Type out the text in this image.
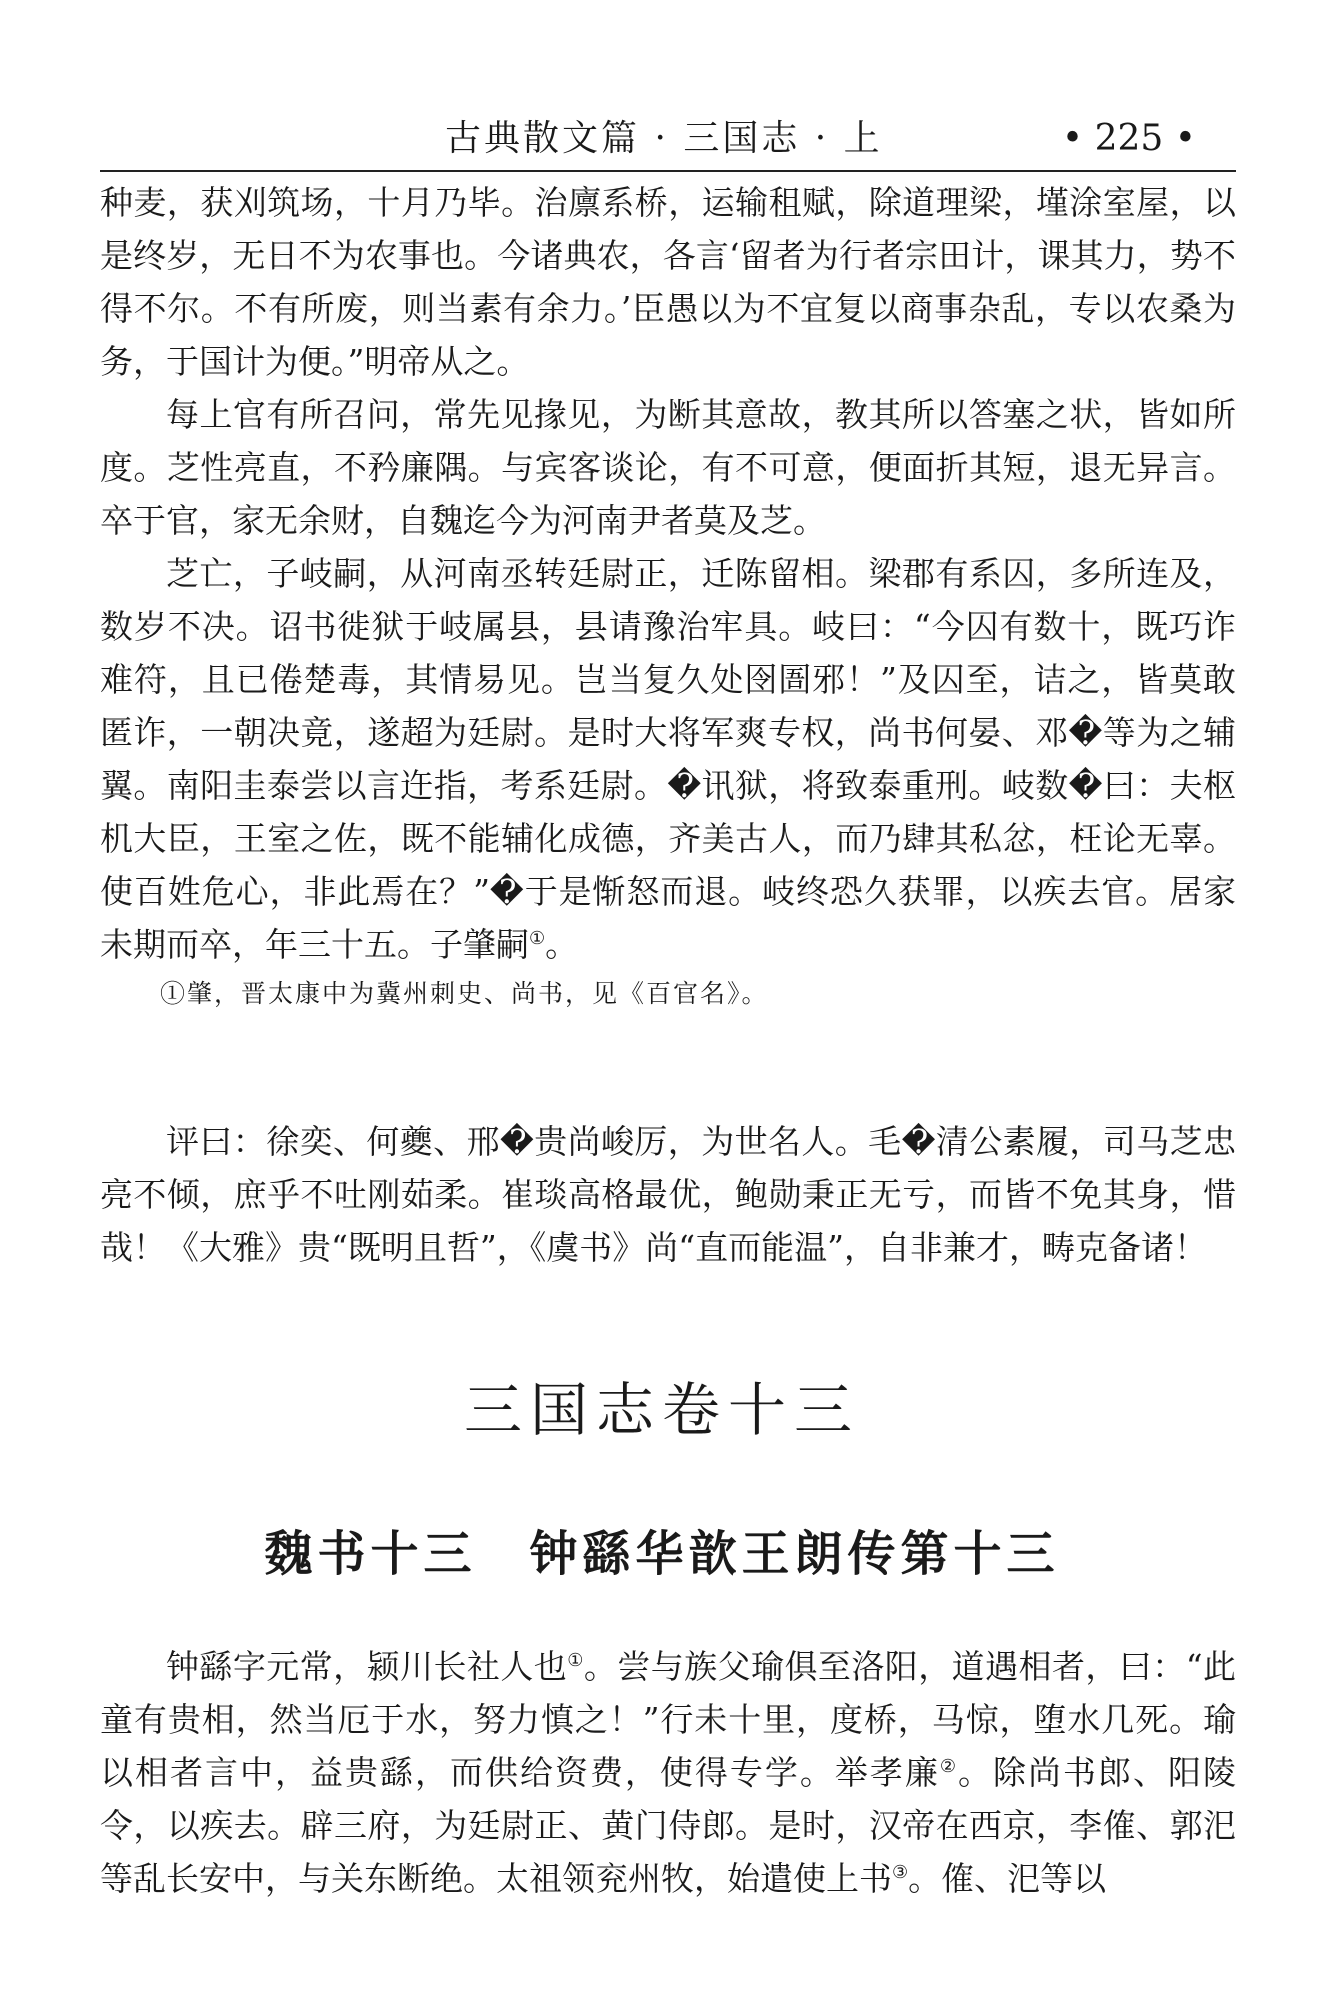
古典散文篇 · 三国志 · 上	• 225 •

种麦，获刈筑场，十月乃毕。治廪系桥，运输租赋，除道理梁，墐涂室屋，以是终岁，无日不为农事也。今诸典农，各言‘留者为行者宗田计，课其力，势不得不尔。不有所废，则当素有余力。’臣愚以为不宜复以商事杂乱，专以农桑为务，于国计为便。”明帝从之。

每上官有所召问，常先见掾见，为断其意故，教其所以答塞之状，皆如所度。芝性亮直，不矜廉隅。与宾客谈论，有不可意，便面折其短，退无异言。卒于官，家无余财，自魏迄今为河南尹者莫及芝。

芝亡，子岐嗣，从河南丞转廷尉正，迁陈留相。梁郡有系囚，多所连及，数岁不决。诏书徙狱于岐属县，县请豫治牢具。岐曰：“今囚有数十，既巧诈难符，且已倦楚毒，其情易见。岂当复久处囹圄邪！”及囚至，诘之，皆莫敢匿诈，一朝决竟，遂超为廷尉。是时大将军爽专权，尚书何晏、邓�等为之辅翼。南阳圭泰尝以言迕指，考系廷尉。�讯狱，将致泰重刑。岐数�曰：夫枢机大臣，王室之佐，既不能辅化成德，齐美古人，而乃肆其私忿，枉论无辜。使百姓危心，非此焉在？”�于是惭怒而退。岐终恐久获罪，以疾去官。居家未期而卒，年三十五。子肇嗣①。

①肇，晋太康中为冀州刺史、尚书，见《百官名》。

评曰：徐奕、何夔、邢�贵尚峻厉，为世名人。毛�清公素履，司马芝忠亮不倾，庶乎不吐刚茹柔。崔琰高格最优，鲍勋秉正无亏，而皆不免其身，惜哉！《大雅》贵“既明且哲”，《虞书》尚“直而能温”，自非兼才，畴克备诸！

三国志卷十三
魏书十三　钟繇华歆王朗传第十三

钟繇字元常，颍川长社人也①。尝与族父瑜俱至洛阳，道遇相者，曰：“此童有贵相，然当厄于水，努力慎之！”行未十里，度桥，马惊，堕水几死。瑜以相者言中，益贵繇，而供给资费，使得专学。举孝廉②。除尚书郎、阳陵令，以疾去。辟三府，为廷尉正、黄门侍郎。是时，汉帝在西京，李傕、郭汜等乱长安中，与关东断绝。太祖领兖州牧，始遣使上书③。傕、汜等以
